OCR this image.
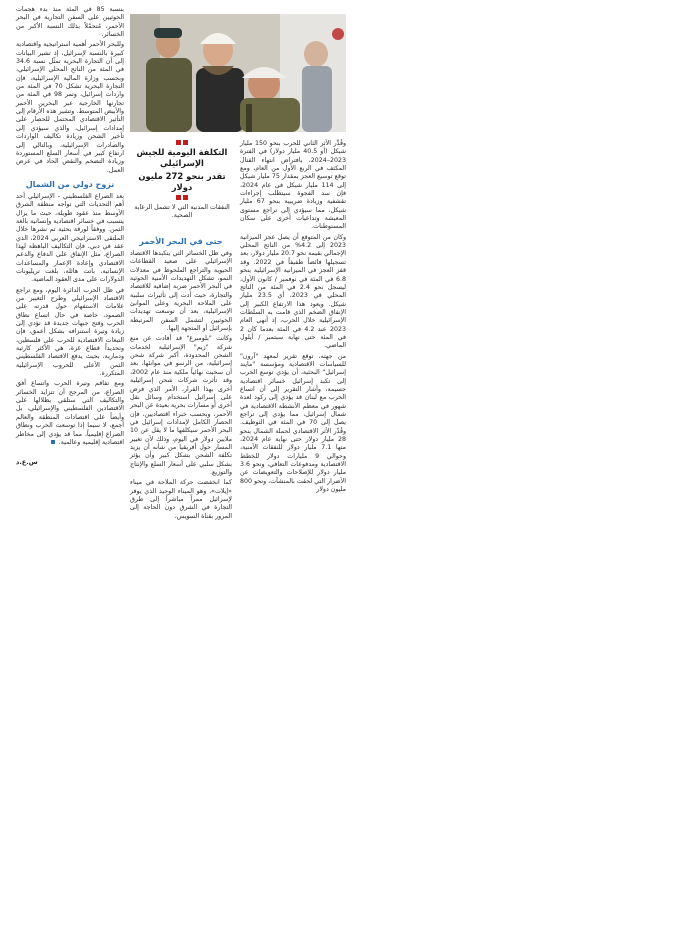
بنسبة 85 في المئة منذ بدء هجمات الحوثيين على السفن التجارية في البحر الأحمر، مُتحمّلاً بذلك النسبة الأكبر من الخسائر.

وللبحر الأحمر أهمية استراتيجية واقتصادية كبيرة بالنسبة لإسرائيل، إذ تشير البيانات إلى أن التجارة البحرية تمثّل نسبة 34.6 في المئة من الناتج المحلي الإسرائيلي، وبحسب وزارة المالية الإسرائيلية، فإن التجارة البحرية تشكل 70 في المئة من واردات إسرائيل، وتمر 98 في المئة من تجارتها الخارجية عبر البحرين الأحمر والأبيض المتوسط. وتشير هذه الأرقام إلى التأثير الاقتصادي المحتمل للحصار على إمدادات إسرائيل، والذي سيؤدي إلى تأخير الشحن وزيادة تكاليف الواردات والصادرات الإسرائيلية، وبالتالي إلى ارتفاع كبير في أسعار السلع المستوردة وزيادة التضخم والنقص الحاد في عرض العمل.

نزوح دولي من الشمال

بعد الصراع الفلسطيني - الإسرائيلي أحد أهم التحديات التي تواجه منطقة الشرق الأوسط منذ عقود طويلة، حيث ما يزال يتسبب في خسائر اقتصادية وإنسانية بالغة الثمن. ووفقاً لورقة بحثية تم نشرها خلال الملتقى الاستراتيجي العربي 2024، الذي عقد في دبي، فإن التكاليف الباهظة لهذا الصراع، مثل الإنفاق على الدفاع والدعم الاقتصادي وإعادة الإعمار والمساعدات الإنسانية، باتت هائلة، بلغت تريليونات الدولارات على مدى العقود الماضية.

في ظل الحرب الدائرة اليوم، ومع تراجع الاقتصاد الإسرائيلي وطرح التغيير من علامات الاستفهام حول قدرته على الصمود، خاصة في حال اتساع نطاق الحرب وفتح جبهات جديدة قد تؤدي إلى زيادة وتيرة استنزافه بشكل أعمق، فإن التبعات الاقتصادية للحرب على فلسطين، وتحديداً قطاع غزة، هي الأكثر كارثية ودمارية، بحيث يدفع الاقتصاد الفلسطيني الثمن الأعلى للحروب الإسرائيلية المتكررة.

ومع تفاقم وتيرة الحرب واتساع أفق الصراع، من المرجح أن تتزايد الخسائر والتكاليف التي ستلقي بظلالها على الاقتصادين الفلسطيني والإسرائيلي، بل وأيضاً على اقتصادات المنطقة والعالم أجمع، لا سيما إذا توسعت الحرب ونطاق الصراع إقليمياً، مما قد يؤدي إلى مخاطر اقتصادية إقليمية وعالمية.

التكلفة اليومية للجيش الإسرائيلي
تقدر بنحو 272 مليون دولار
النفقات المدنية التي لا تشمل الرعاية الصحية.
حتى في البحر الأحمر

وفي ظل الخسائر التي يتكبدها الاقتصاد الإسرائيلي على صعيد القطاعات الحيوية والتراجع الملحوظ في معدلات النمو، تشكل التهديدات الأمنية الحوثية في البحر الأحمر ضربة إضافية للاقتصاد والتجارة، حيث أدت إلى تأثيرات سلبية على الملاحة البحرية وعلى الموانئ الإسرائيلية، بعد أن توسعت تهديدات الحوثيين لتشمل السفن المرتبطة بإسرائيل أو المتجهة إليها.

وكانت "بلومبرغ" قد أفادت عن منع شركة "زيم" الإسرائيلية لخدمات الشحن المحدودة، أكبر شركة شحن إسرائيلية، من الرسو في موانئها، بعد أن سحبت نهائياً ملكية منذ عام 2002، وقد تأثرت شركات شحن إسرائيلية أخرى بهذا القرار، الأمر الذي فرض على إسرائيل استخدام وسائل نقل أخرى أو مسارات بحرية بعيدة عن البحر الأحمر، وبحسب خبراء اقتصاديين، فإن الحصار الكامل لإمدادات إسرائيل في البحر الأحمر سيكلفها ما لا يقل عن 10 ملايين دولار في اليوم، وذلك لأن تغيير المسار حول أفريقيا من شأنه أن يزيد تكلفة الشحن بشكل كبير وأن يؤثر بشكل سلبي على أسعار السلع والإنتاج والتوزيع.

كما انخفضت حركة الملاحة في ميناء «إيلات»، وهو الميناء الوحيد الذي يوفر لإسرائيل ممراً مباشراً إلى طرق التجارة في الشرق دون الحاجة إلى المرور بقناة السويس،

وقُدِّر الأثر الثاني للحرب بنحو 150 مليار شيكل (أو 40.5 مليار دولار) في الفترة 2023–2024، بافتراض انتهاء القتال المكثف في الربع الأول من العام، ومع توقع توسيع العجز بمقدار 75 مليار شيكل إلى 114 مليار شيكل في عام 2024، فإن سد الفجوة سيتطلب إجراءات تقشفية وزيادة ضريبية بنحو 67 مليار شيكل، مما سيؤدي إلى تراجع مستوى المعيشة وتداعيات أخرى على سكان المستوطنات.

وكان من المتوقع أن يصل عجز الميزانية 2023 إلى 4.2% من الناتج المحلي الإجمالي بقيمة نحو 20.7 مليار دولار، بعد تسجيلها فائضاً طفيفاً في 2022. وقد قفز العجز في الميزانية الإسرائيلية بنحو 6.8 في المئة في نوفمبر / كانون الأول، ليسجل نحو 2.4 في المئة من الناتج المحلي في 2023، أي 23.5 مليار شيكل. ويعود هذا الارتفاع الكبير إلى الإنفاق الضخم الذي قامت به السلطات الإسرائيلية خلال الحرب، إذ أنهى العام 2023 عند 4.2 في المئة بعدما كان 2 في المئة حتى نهاية سبتمبر / أيلول الماضي.

من جهته، توقع تقرير لمعهد "آرون" للسياسات الاقتصادية ومؤسسة "مايند إسرائيل" البحثية، أن يؤدي توسع الحرب إلى تكبد إسرائيل خسائر اقتصادية جسيمة، وأشار التقرير إلى أن اتساع الحرب مع لبنان قد يؤدي إلى ركود لعدة شهور في معظم الأنشطة الاقتصادية في شمال إسرائيل، مما يؤدي إلى تراجع يصل إلى 70 في المئة في التوظيف. وقُدّر الأثر الاقتصادي لحملة الشمال بنحو 28 مليار دولار حتى نهاية عام 2024، منها 7.1 مليار دولار للنفقات الأمنية، وحوالي 9 مليارات دولار للخطط الاقتصادية ومدفوعات التعافي، ونحو 3.6 مليار دولار للإصلاحات والتعويضات عن الأضرار التي لحقت بالمنشآت، ونحو 800 مليون دولار

س.ع.د
